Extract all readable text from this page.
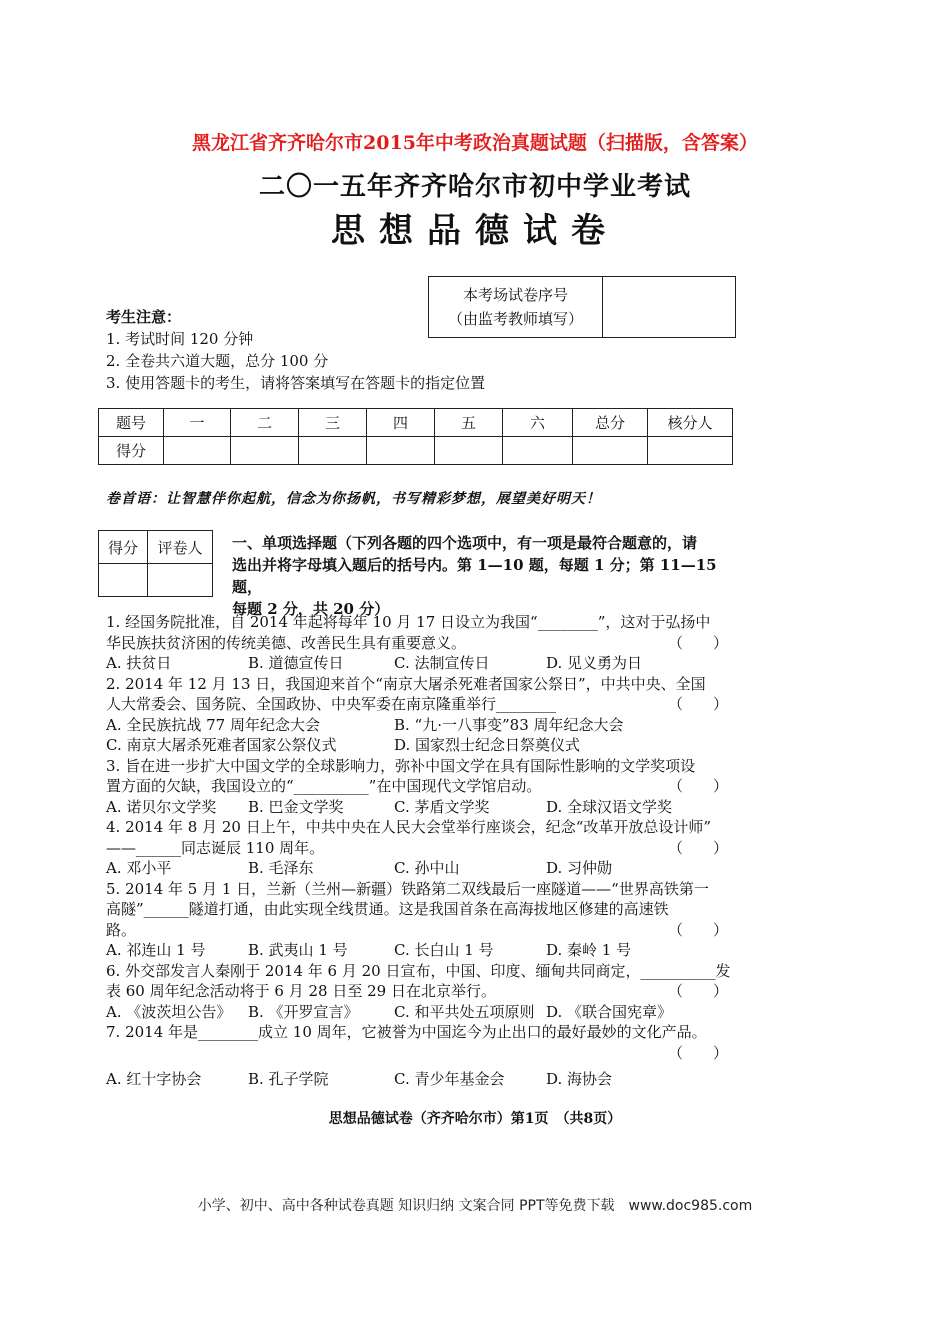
黑龙江省齐齐哈尔市2015年中考政治真题试题（扫描版，含答案）
二〇一五年齐齐哈尔市初中学业考试
思想品德试卷
本考场试卷序号
（由监考教师填写）
考生注意：
1. 考试时间 120 分钟
2. 全卷共六道大题，总分 100 分
3. 使用答题卡的考生，请将答案填写在答题卡的指定位置
题号	一	二	三	四	五	六	总分	核分人
得分								
卷首语：让智慧伴你起航，信念为你扬帆，书写精彩梦想，展望美好明天！
得分	评卷人
	一、单项选择题（下列各题的四个选项中，有一项是最符合题意的，请
选出并将字母填入题后的括号内。第 1—10 题，每题 1 分；第 11—15 题，
每题 2 分，共 20 分）
1. 经国务院批准，自 2014 年起将每年 10 月 17 日设立为我国“________”，这对于弘扬中
华民族扶贫济困的传统美德、改善民生具有重要意义。	（　　）
A. 扶贫日	B. 道德宣传日	C. 法制宣传日	D. 见义勇为日
2. 2014 年 12 月 13 日，我国迎来首个“南京大屠杀死难者国家公祭日”，中共中央、全国
人大常委会、国务院、全国政协、中央军委在南京隆重举行________	（　　）
A. 全民族抗战 77 周年纪念大会	B. “九·一八事变”83 周年纪念大会
C. 南京大屠杀死难者国家公祭仪式	D. 国家烈士纪念日祭奠仪式
3. 旨在进一步扩大中国文学的全球影响力，弥补中国文学在具有国际性影响的文学奖项设
置方面的欠缺，我国设立的“__________”在中国现代文学馆启动。	（　　）
A. 诺贝尔文学奖	B. 巴金文学奖	C. 茅盾文学奖	D. 全球汉语文学奖
4. 2014 年 8 月 20 日上午，中共中央在人民大会堂举行座谈会，纪念“改革开放总设计师”
——______同志诞辰 110 周年。	（　　）
A. 邓小平	B. 毛泽东	C. 孙中山	D. 习仲勋
5. 2014 年 5 月 1 日，兰新（兰州—新疆）铁路第二双线最后一座隧道——“世界高铁第一
高隧”______隧道打通，由此实现全线贯通。这是我国首条在高海拔地区修建的高速铁
路。	（　　）
A. 祁连山 1 号	B. 武夷山 1 号	C. 长白山 1 号	D. 秦岭 1 号
6. 外交部发言人秦刚于 2014 年 6 月 20 日宣布，中国、印度、缅甸共同商定，__________发
表 60 周年纪念活动将于 6 月 28 日至 29 日在北京举行。	（　　）
A. 《波茨坦公告》	B. 《开罗宣言》	C. 和平共处五项原则 D. 《联合国宪章》
7. 2014 年是________成立 10 周年，它被誉为中国迄今为止出口的最好最妙的文化产品。
（　　）
A. 红十字协会	B. 孔子学院	C. 青少年基金会	D. 海协会
思想品德试卷（齐齐哈尔市）第1页　（共8页）
小学、初中、高中各种试卷真题 知识归纳 文案合同 PPT等免费下载　www.doc985.com
